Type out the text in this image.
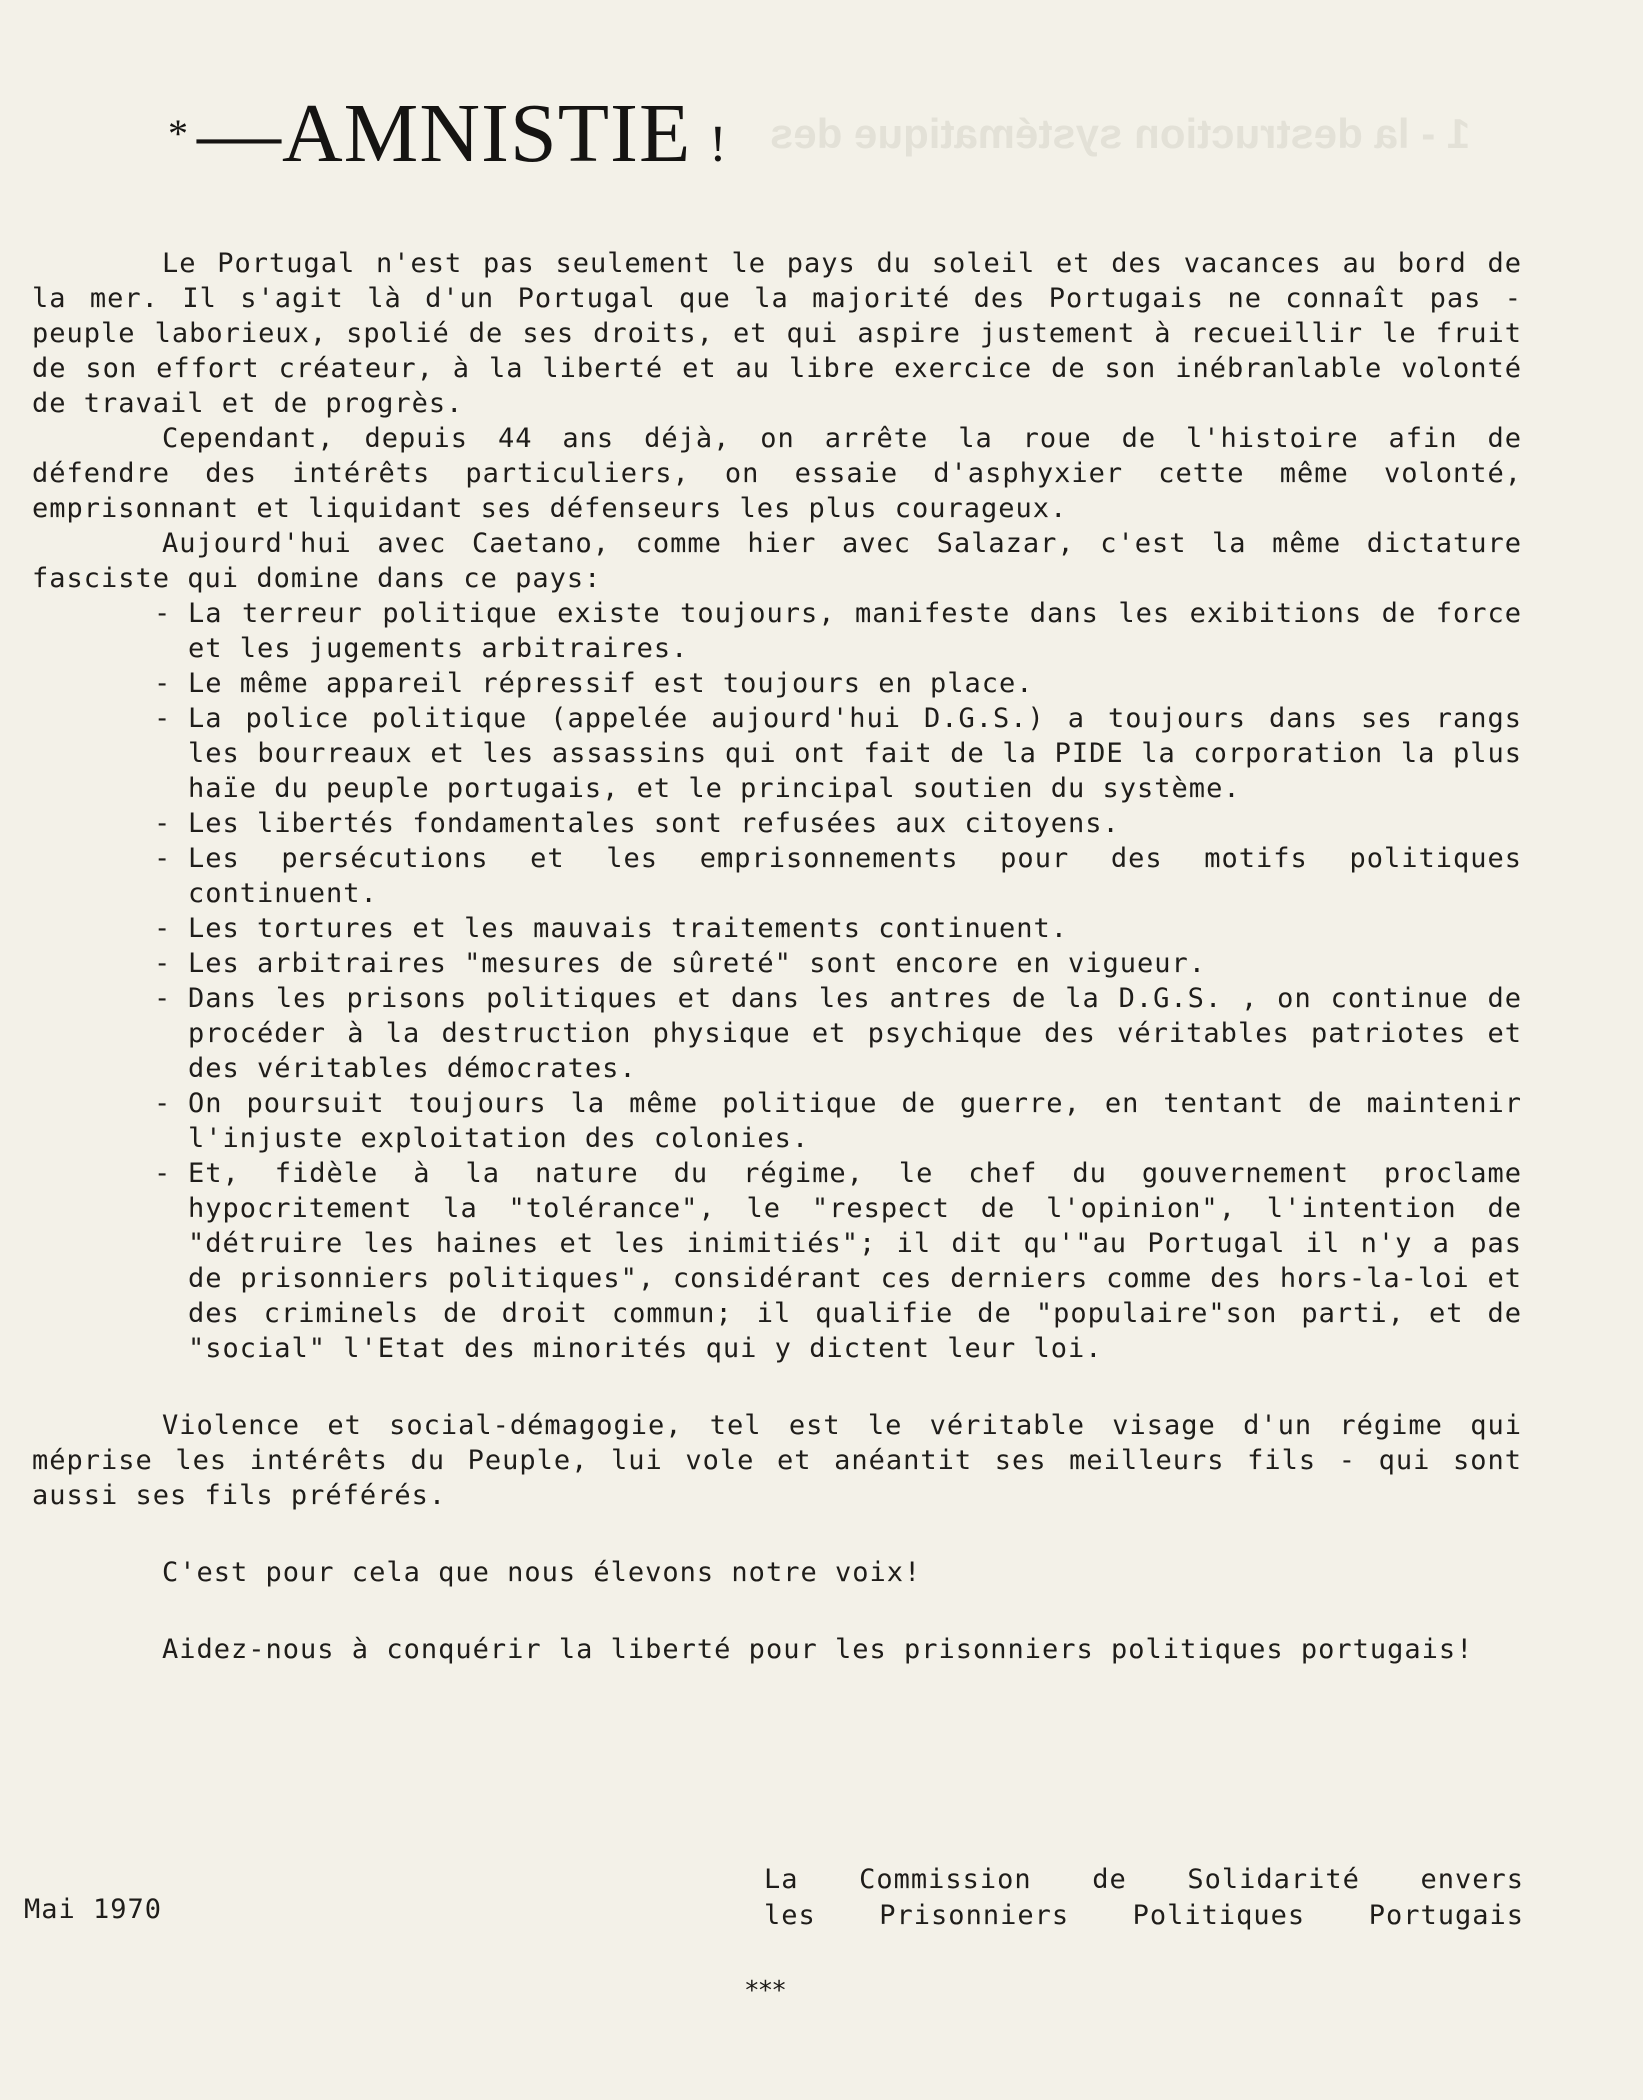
1 - la destruction systématique des
* — AMNISTIE !

Le Portugal n'est pas seulement le pays du soleil et des vacances au bord de la mer. Il s'agit là d'un Portugal que la majorité des Portugais ne connaît pas - peuple laborieux, spolié de ses droits, et qui aspire justement à recueillir le fruit de son effort créateur, à la liberté et au libre exercice de son inébranlable volonté de travail et de progrès.

Cependant, depuis 44 ans déjà, on arrête la roue de l'histoire afin de défendre des intérêts particuliers, on essaie d'asphyxier cette même volonté, emprisonnant et liquidant ses défenseurs les plus courageux.

Aujourd'hui avec Caetano, comme hier avec Salazar, c'est la même dictature fasciste qui domine dans ce pays:

- La terreur politique existe toujours, manifeste dans les exibitions de force et les jugements arbitraires.
- Le même appareil répressif est toujours en place.
- La police politique (appelée aujourd'hui D.G.S.) a toujours dans ses rangs les bourreaux et les assassins qui ont fait de la PIDE la corporation la plus haïe du peuple portugais, et le principal soutien du système.
- Les libertés fondamentales sont refusées aux citoyens.
- Les persécutions et les emprisonnements pour des motifs politiques continuent.
- Les tortures et les mauvais traitements continuent.
- Les arbitraires "mesures de sûreté" sont encore en vigueur.
- Dans les prisons politiques et dans les antres de la D.G.S. , on continue de procéder à la destruction physique et psychique des véritables patriotes et des véritables démocrates.
- On poursuit toujours la même politique de guerre, en tentant de maintenir l'injuste exploitation des colonies.
- Et, fidèle à la nature du régime, le chef du gouvernement proclame hypocritement la "tolérance", le "respect de l'opinion", l'intention de "détruire les haines et les inimitiés"; il dit qu'"au Portugal il n'y a pas de prisonniers politiques", considérant ces derniers comme des hors-la-loi et des criminels de droit commun; il qualifie de "populaire"son parti, et de "social" l'Etat des minorités qui y dictent leur loi.

Violence et social-démagogie, tel est le véritable visage d'un régime qui méprise les intérêts du Peuple, lui vole et anéantit ses meilleurs fils - qui sont aussi ses fils préférés.

C'est pour cela que nous élevons notre voix!

Aidez-nous à conquérir la liberté pour les prisonniers politiques portugais!

Mai 1970
La Commission de Solidarité envers
les Prisonniers Politiques Portugais
***
